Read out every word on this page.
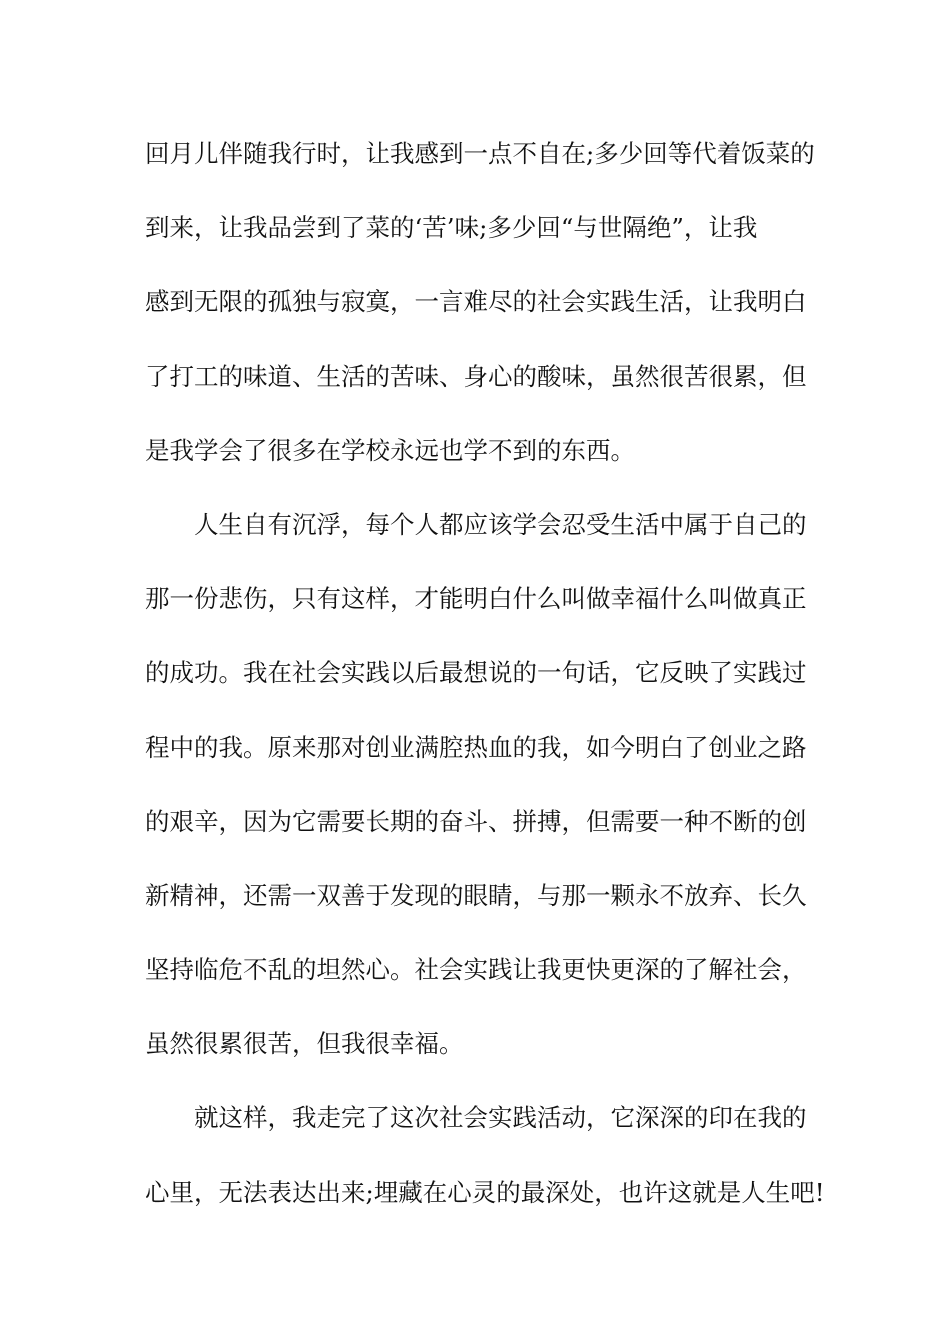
回月儿伴随我行时，让我感到一点不自在;多少回等代着饭菜的
到来，让我品尝到了菜的‘苦’味;多少回“与世隔绝”，让我
感到无限的孤独与寂寞，一言难尽的社会实践生活，让我明白
了打工的味道、生活的苦味、身心的酸味，虽然很苦很累，但
是我学会了很多在学校永远也学不到的东西。
人生自有沉浮，每个人都应该学会忍受生活中属于自己的
那一份悲伤，只有这样，才能明白什么叫做幸福什么叫做真正
的成功。我在社会实践以后最想说的一句话，它反映了实践过
程中的我。原来那对创业满腔热血的我，如今明白了创业之路
的艰辛，因为它需要长期的奋斗、拼搏，但需要一种不断的创
新精神，还需一双善于发现的眼睛，与那一颗永不放弃、长久
坚持临危不乱的坦然心。社会实践让我更快更深的了解社会，
虽然很累很苦，但我很幸福。
就这样，我走完了这次社会实践活动，它深深的印在我的
心里，无法表达出来;埋藏在心灵的最深处，也许这就是人生吧!
